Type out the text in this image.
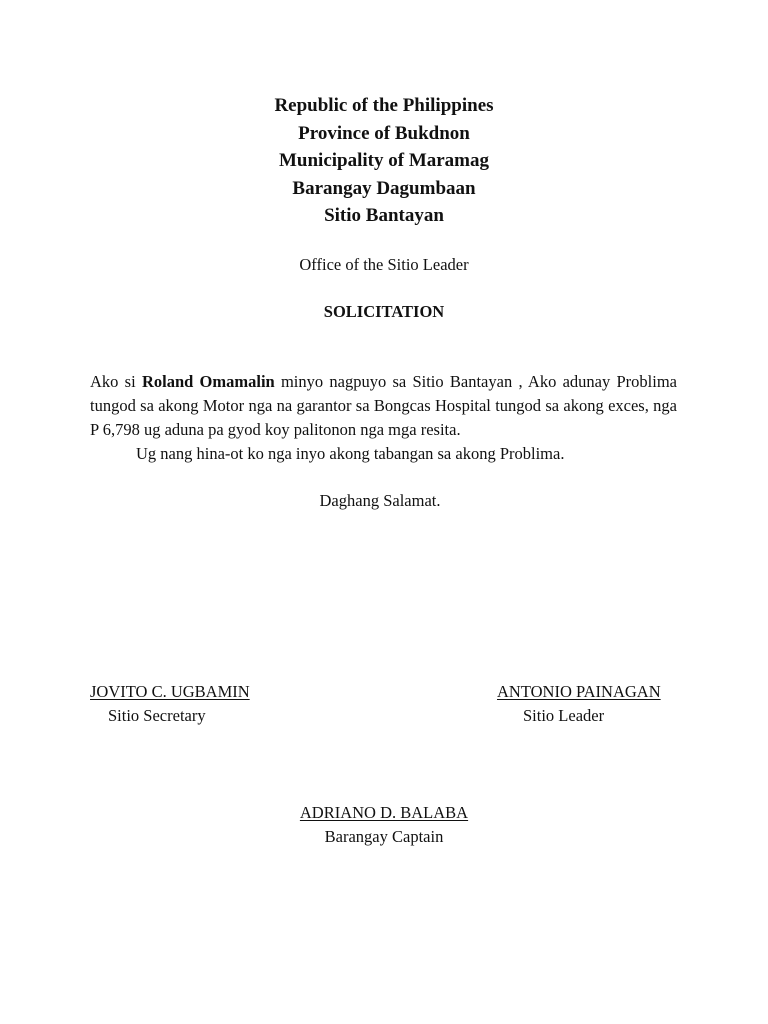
Republic of the Philippines
Province of Bukdnon
Municipality of Maramag
Barangay Dagumbaan
Sitio Bantayan
Office of the Sitio Leader
SOLICITATION

Ako si Roland Omamalin minyo nagpuyo sa Sitio Bantayan , Ako adunay Problima tungod sa akong Motor nga na garantor sa Bongcas Hospital tungod sa akong exces, nga P 6,798 ug aduna pa gyod koy palitonon nga mga resita.

Ug nang hina-ot ko nga inyo akong tabangan sa akong Problima.

Daghang Salamat.
JOVITO C. UGBAMIN
Sitio Secretary
ANTONIO PAINAGAN
Sitio Leader
ADRIANO D. BALABA
Barangay Captain
